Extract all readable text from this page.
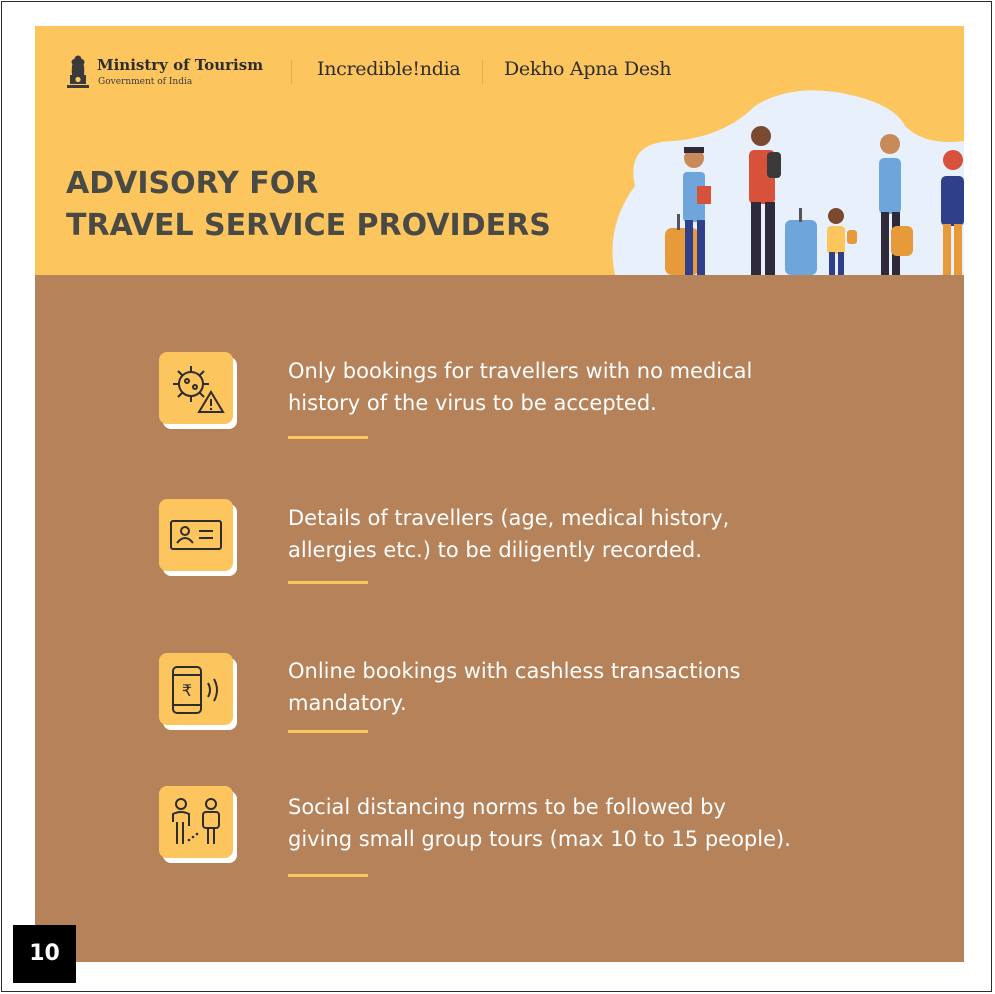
Ministry of Tourism
Government of India
Incredible!ndia Dekho Apna Desh
ADVISORY FOR
TRAVEL SERVICE PROVIDERS
Only bookings for travellers with no medical
history of the virus to be accepted.
Details of travellers (age, medical history,
allergies etc.) to be diligently recorded.
₹
Online bookings with cashless transactions
mandatory.
Social distancing norms to be followed by
giving small group tours (max 10 to 15 people).
10
